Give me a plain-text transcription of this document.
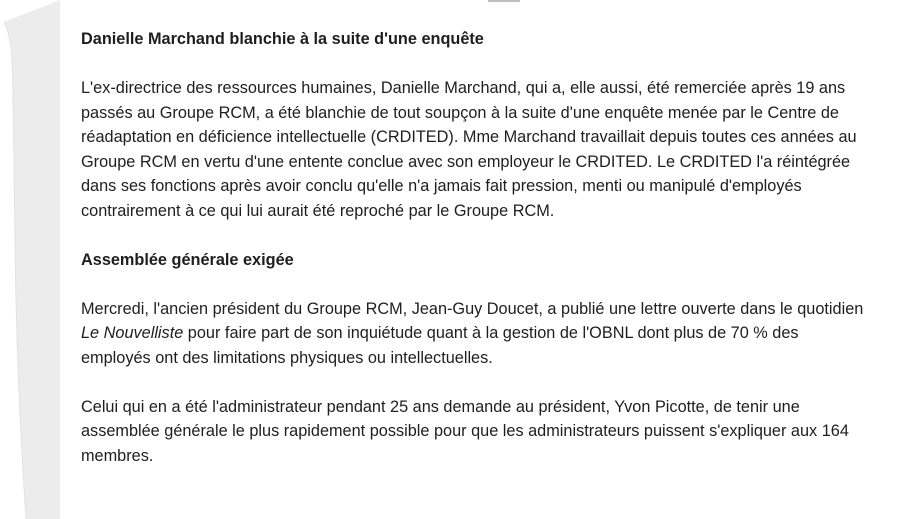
Danielle Marchand blanchie à la suite d'une enquête

L'ex-directrice des ressources humaines, Danielle Marchand, qui a, elle aussi, été remerciée après 19 ans passés au Groupe RCM, a été blanchie de tout soupçon à la suite d'une enquête menée par le Centre de réadaptation en déficience intellectuelle (CRDITED). Mme Marchand travaillait depuis toutes ces années au Groupe RCM en vertu d'une entente conclue avec son employeur le CRDITED. Le CRDITED l'a réintégrée dans ses fonctions après avoir conclu qu'elle n'a jamais fait pression, menti ou manipulé d'employés contrairement à ce qui lui aurait été reproché par le Groupe RCM.

Assemblée générale exigée

Mercredi, l'ancien président du Groupe RCM, Jean-Guy Doucet, a publié une lettre ouverte dans le quotidien Le Nouvelliste pour faire part de son inquiétude quant à la gestion de l'OBNL dont plus de 70 % des employés ont des limitations physiques ou intellectuelles.

Celui qui en a été l'administrateur pendant 25 ans demande au président, Yvon Picotte, de tenir une assemblée générale le plus rapidement possible pour que les administrateurs puissent s'expliquer aux 164 membres.
